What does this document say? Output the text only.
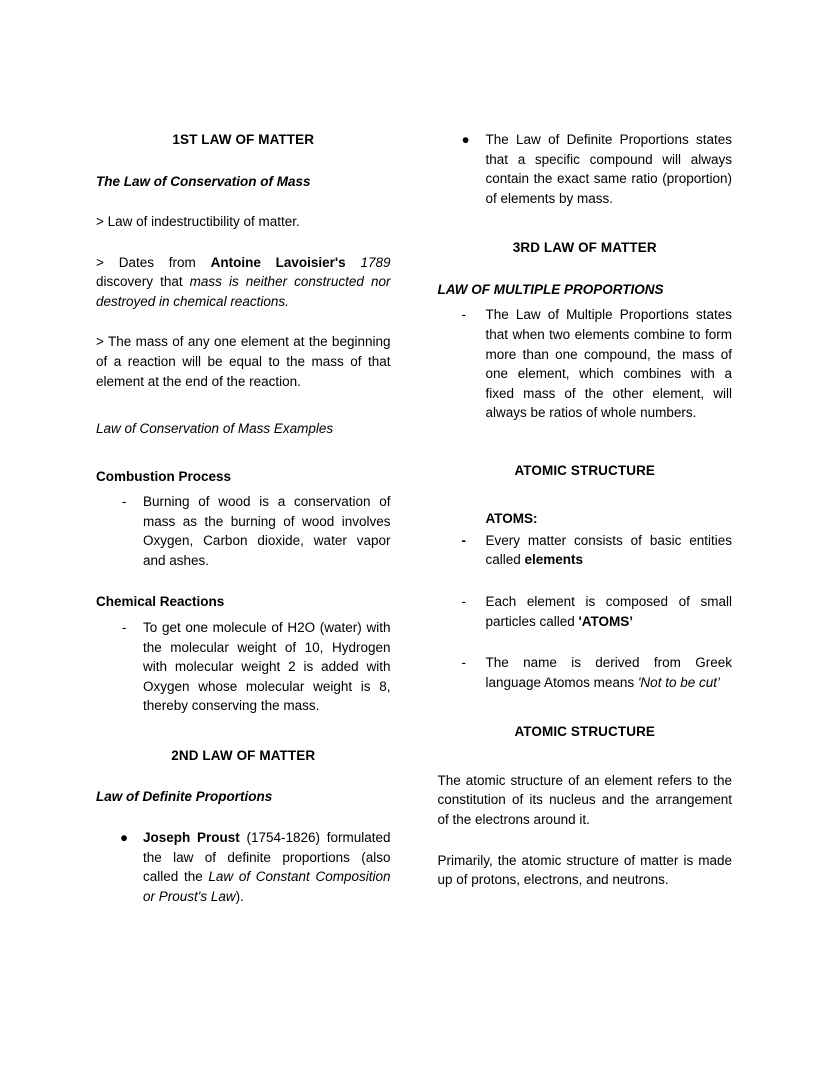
1ST LAW OF MATTER
The Law of Conservation of Mass
> Law of indestructibility of matter.
> Dates from Antoine Lavoisier's 1789 discovery that mass is neither constructed nor destroyed in chemical reactions.
> The mass of any one element at the beginning of a reaction will be equal to the mass of that element at the end of the reaction.
Law of Conservation of Mass Examples
Combustion Process
- Burning of wood is a conservation of mass as the burning of wood involves Oxygen, Carbon dioxide, water vapor and ashes.
Chemical Reactions
- To get one molecule of H2O (water) with the molecular weight of 10, Hydrogen with molecular weight 2 is added with Oxygen whose molecular weight is 8, thereby conserving the mass.
2ND LAW OF MATTER
Law of Definite Proportions
● Joseph Proust (1754-1826) formulated the law of definite proportions (also called the Law of Constant Composition or Proust's Law).
● The Law of Definite Proportions states that a specific compound will always contain the exact same ratio (proportion) of elements by mass.
3RD LAW OF MATTER
LAW OF MULTIPLE PROPORTIONS
- The Law of Multiple Proportions states that when two elements combine to form more than one compound, the mass of one element, which combines with a fixed mass of the other element, will always be ratios of whole numbers.
ATOMIC STRUCTURE
ATOMS:
- Every matter consists of basic entities called elements
- Each element is composed of small particles called 'ATOMS’
- The name is derived from Greek language Atomos means 'Not to be cut’
ATOMIC STRUCTURE
The atomic structure of an element refers to the constitution of its nucleus and the arrangement of the electrons around it.
Primarily, the atomic structure of matter is made up of protons, electrons, and neutrons.
